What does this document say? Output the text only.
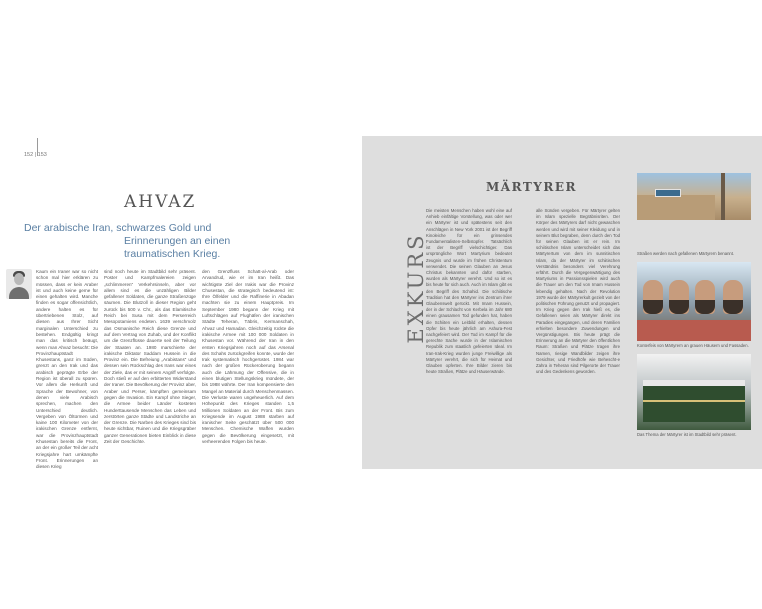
152 | 153
AHVAZ
Der arabische Iran, schwarzes Gold und
Erinnerungen an einen traumatischen Krieg.

Kaum ein Iraner war so nicht schon mal hier erklären zu müssen, dass er kein Araber ist und auch keine geme für einen gehalten wird. Manche finden es sogar offensichtlich, andere halten es für übertriebenen Stolz, auf diesen aus Ihrer Sicht marginalen Unterschied zu bestehen. Endgültig kringt man das kritisch beäugt, wenn man Ahvaz besucht: Die Provinzhauptstadt Khusestans, ganz im Süden, grenzt an den Irak und das arabisch geprägte Erbe der Region ist überall zu spüren. Vor allem die Herkunft und Sprache der Bewohner, von denen viele Arabisch sprechen, machen den Unterschied deutlich. Vergeben von Öltürmen und kaine 100 Kilometer von der irakischen Grenze entfernt, war die Provinzhauptstadt Khusestan bereits die Front, an der ein großer Teil der acht Kriegsjahre hart umkämpfte Front. Erinnerungen an diesen Krieg

sind noch heute im Stadtbild sehr präsent. Poster und Kampfmalereien zeigen „schlimmeren“ Verkehrsinseln, aber vor allem sind es die unzähligen Bilder gefallener Soldaten, die ganze Straßenzüge säumen. Die Blutzoll in dieser Region geht zurück bis 500 v. Chr., als das Elamitische Reich bei Susa mit dem Perserreich Mesopotamiens endeten. 1639 verschmolz das Osmanische Reich diese Grenze und auf dem Vertrag von Zuhab, und der Konflikt um die Grenzflüsse dauerte seit der Teilung der Staaten an. 1980 marschierte der irakische Diktator Saddam Hussein in die Provinz ein. Die Befreiung „Arabistans“ und dessen sein Rückschlag des Irans war eines der Ziele, das er mit seinem Angriff verfolgte. Doch stieß er auf den erbitterten Widerstand der Iraner. Die Bevölkerung der Provinz aber, Araber und Perser, kämpften gemeinsam gegen die Invasion. Ein Kampf ohne Sieger, die Armee beider Länder kosteten Hunderttausende Menschen das Leben und zerstörten ganze Städte und Landstriche an der Grenze. Die Narben des Krieges sind bis heute sichtbar, Ruinen und die Kriegsgräber ganzer Generationen bieten Einblick in diese Zeit der Geschichte.

den Grenzfluss Schatt-al-Arab oder Arvandrud, wie er im Iran heißt. Das wichtigste Ziel der Irakis war die Provinz Chusestan, die strategisch bedeutend ist: Ihre Ölfelder und die Raffinerie in Abadan machten sie zu einem Hauptpreis. Im September 1980 begann der Krieg mit Luftschlägen auf Flughäfen der iranischen Städte Teheran, Täbris, Kermanschah, Ahvaz und Hamadan. Gleichzeitig rückte die irakische Armee mit 100 000 Soldaten in Khusestan vor. Während der Iran in den ersten Kriegsjahren noch auf das Arsenal des Schahs zurückgreifen konnte, wurde der Irak systematisch hochgerüstet. 1984 war nach der großen Rückeroberung begann auch die Lähmung der Offensive, die in einen blutigen Stellungskrieg mündete, der bis 1988 währte. Der Iran kompensierte den Mangel an Material durch Menschenmassen. Die Verluste waren ungeheuerlich. Auf dem Höhepunkt des Krieges standen 1,5 Millionen Soldaten an der Front. Bis zum Kriegsende im August 1988 starben auf iranischer Seite geschätzt über 500 000 Menschen. Chemische Waffen wurden gegen die Bevölkerung eingesetzt, mit verheerenden Folgen bis heute.

EXKURS
MÄRTYRER

Die meisten Menschen haben wohl eine auf Anhieb einfältige Vorstellung, was oder wer ein Märtyrer ist und spätestens seit den Anschlägen in New York 2001 ist der Begriff Kinoleiche für ein grinsendes Fundamentalisten-Selbstopfer. Tatsächlich ist der Begriff vielschichtiger. Das ursprüngliche Wort Martyrium bedeutet Zeugnis und wurde im frühen Christentum verwendet. Die seinen Glauben an Jesus Christus bekannten und dafür starben, wurden als Märtyrer verehrt. Und so ist es bis heute für sich auch. Auch im Islam gibt es den Begriff des Schahid. Die schiitische Tradition hat den Märtyrer ins Zentrum ihrer Glaubenswelt gerückt. Mit Imam Hussein, der in der Schlacht von Kerbela im Jahr 680 einen grausamen Tod gefunden hat, haben die Schiiten ein Leitbild erhalten, dessen Opfer bis heute jährlich am Ashura-Fest nachgefeiert wird. Der Tod im Kampf für die gerechte Sache wurde in der Islamischen Republik zum staatlich gefeierten Ideal. Im Iran-Irak-Krieg wurden junge Freiwillige als Märtyrer verehrt, die sich für Heimat und Glauben opferten. Ihre Bilder zieren bis heute Straßen, Plätze und Häuserwände.

alle Sünden vergeben. Für Märtyrer gelten im Islam spezielle Begräbnisriten. Der Körper des Märtyrers darf nicht gewaschen werden und wird mit seiner Kleidung und in seinem Blut begraben, denn durch den Tod für seinen Glauben ist er rein. Im schiitischen Islam unterscheidet sich das Märtyrertum von dem im sunnitischen Islam, da der Märtyrer im schiitischen Verständnis besonders viel Verehrung erfährt. Durch die Vergegenwärtigung des Martyriums in Passionsspielen wird auch die Trauer um den Tod von Imam Hussein lebendig gehalten. Nach der Revolution 1979 wurde der Märtyrerkult gezielt von der politischen Führung genutzt und propagiert. Im Krieg gegen den Irak hieß es, die Gefallenen seien als Märtyrer direkt ins Paradies eingegangen, und deren Familien erhielten besondere Zuwendungen und Vergünstigungen. Bis heute prägt die Erinnerung an die Märtyrer den öffentlichen Raum: Straßen und Plätze tragen ihre Namen, riesige Wandbilder zeigen ihre Gesichter, und Friedhöfe wie Behescht-e Zahra in Teheran sind Pilgerorte der Trauer und des Gedenkens geworden.

Straßen werden nach gefallenen Märtyrern benannt.
Konterfeis von Märtyrern an grauen Häusern und Fassaden.
Das Thema der Märtyrer ist im Stadtbild sehr präsent.
